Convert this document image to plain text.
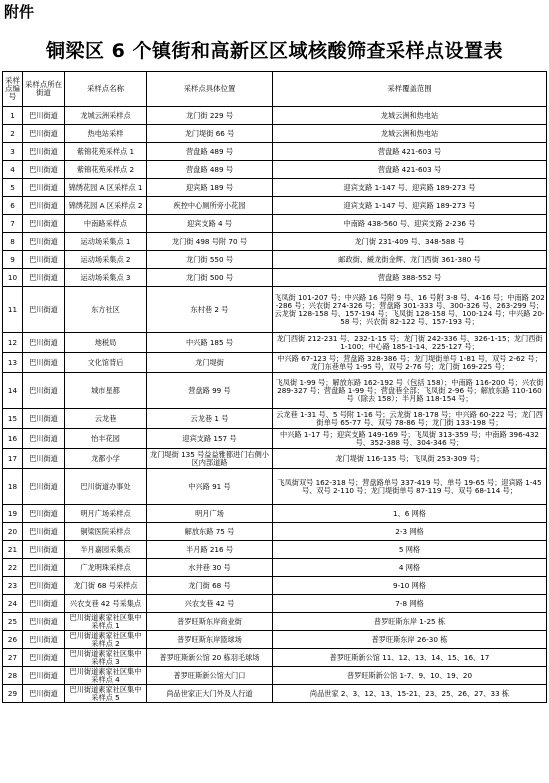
附件
铜梁区 6 个镇街和高新区区域核酸筛查采样点设置表
采样点编号	采样点所在街道	采样点名称	采样点具体位置	采样覆盖范围
1	巴川街道	龙城云洲采样点	龙门街 229 号	龙城云洲和热电站
2	巴川街道	热电站采样	龙门堤街 66 号	龙城云洲和热电站
3	巴川街道	紫锦花苑采样点 1	营盘路 489 号	营盘路 421-603 号
4	巴川街道	紫锦花苑采样点 2	营盘路 489 号	营盘路 421-603 号
5	巴川街道	锦绣花园 A 区采样点 1	迎宾路 189 号	迎宾支路 1-147 号、迎宾路 189-273 号
6	巴川街道	锦绣花园 A 区采样点 2	疾控中心厕所旁小花园	迎宾支路 1-147 号、迎宾路 189-273 号
7	巴川街道	中南路采样点	迎宾支路 4 号	中南路 438-560 号、迎宾支路 2-236 号
8	巴川街道	运动场采集点 1	龙门街 498 号附 70 号	龙门街 231-409 号、348-588 号
9	巴川街道	运动场采集点 2	龙门街 550 号	邮政街、緩龙街金辉、龙门西街 361-380 号
10	巴川街道	运动场采集点 3	龙门街 500 号	营盘路 388-552 号
11	巴川街道	东方社区	东村巷 2 号	飞凤街 101-207 号；中兴路 16 号附 9 号、16 号附 3-8 号、4-16 号；中南路 202-286 号；兴农街 274-326 号；营盘路 301-333 号、300-326 号、263-299 号；云龙街 128-158 号、157-194 号；飞凤街 128-158 号、100-124 号；中兴路 20-58 号；兴农街 82-122 号、157-193 号；
12	巴川街道	地税局	中兴路 185 号	龙门西街 212-231 号、232-1-15 号；龙门街 242-336 号、326-1-15；龙门西街 1-100；中心路 185-1-14、225-127 号；
13	巴川街道	文化馆背后	龙门堤街	中兴路 67-123 号；营盘路 328-386 号；龙门堤街单号 1-81 号，双号 2-62 号；龙门东巷单号 1-95 号，双号 2-76 号；龙门街 169-225 号；
14	巴川街道	城市星都	营盘路 99 号	飞凤街 1-99 号；解放东路 162-192 号（包括 158）；中南路 116-200 号；兴农街 289-327 号；营盘路 1-99 号；营盘巷全部；飞凤街 2-96 号；解放东路 110-160 号（除去 158）；半月路 118-154 号；
15	巴川街道	云龙巷	云龙巷 1 号	云龙巷 1-31 号、5 号附 1-16 号；云龙街 18-178 号；中兴路 60-222 号；龙门西街单号 65-77 号、双号 78-86 号；龙门街 133-198 号；
16	巴川街道	怡丰花园	迎宾支路 157 号	中兴路 1-17 号；迎宾支路 149-169 号；飞凤街 313-359 号；中南路 396-432 号、352-388 号、304-346 号；
17	巴川街道	龙都小学	龙门堤街 135 号益益雅都进门右侧小区内部道路	龙门堤街 116-135 号；飞凤街 253-309 号；
18	巴川街道	巴川街道办事处	中兴路 91 号	飞凤街双号 162-318 号；营盘路单号 337-419 号、单号 19-65 号；迎宾路 1-45 号、双号 2-110 号；龙门堤街单号 87-119 号、双号 68-114 号；
19	巴川街道	明月广场采样点	明月广场	1、6 网格
20	巴川街道	铜梁医院采样点	解放东路 75 号	2-3 网格
21	巴川街道	半月嘉园采集点	半月路 216 号	5 网格
22	巴川街道	广龙明珠采样点	水井巷 30 号	4 网格
23	巴川街道	龙门街 68 号采样点	龙门街 68 号	9-10 网格
24	巴川街道	兴农支巷 42 号采集点	兴农支巷 42 号	7-8 网格
25	巴川街道	巴川街道素家社区集中采样点 1	普罗旺斯东岸商业街	普罗旺斯东岸 1-25 栋
26	巴川街道	巴川街道素家社区集中采样点 2	普罗旺斯东岸篮球场	普罗旺斯东岸 26-30 栋
27	巴川街道	巴川街道素家社区集中采样点 3	普罗旺斯新公馆 20 栋羽毛球场	普罗旺斯新公馆 11、12、13、14、15、16、17
28	巴川街道	巴川街道素家社区集中采样点 4	普罗旺斯新公馆大门口	普罗旺斯新公馆 1-7、9、10、19、20
29	巴川街道	巴川街道素家社区集中采样点 5	尚品世家正大门外及人行道	尚品世家 2、3、12、13、15-21、23、25、26、27、33 栋
